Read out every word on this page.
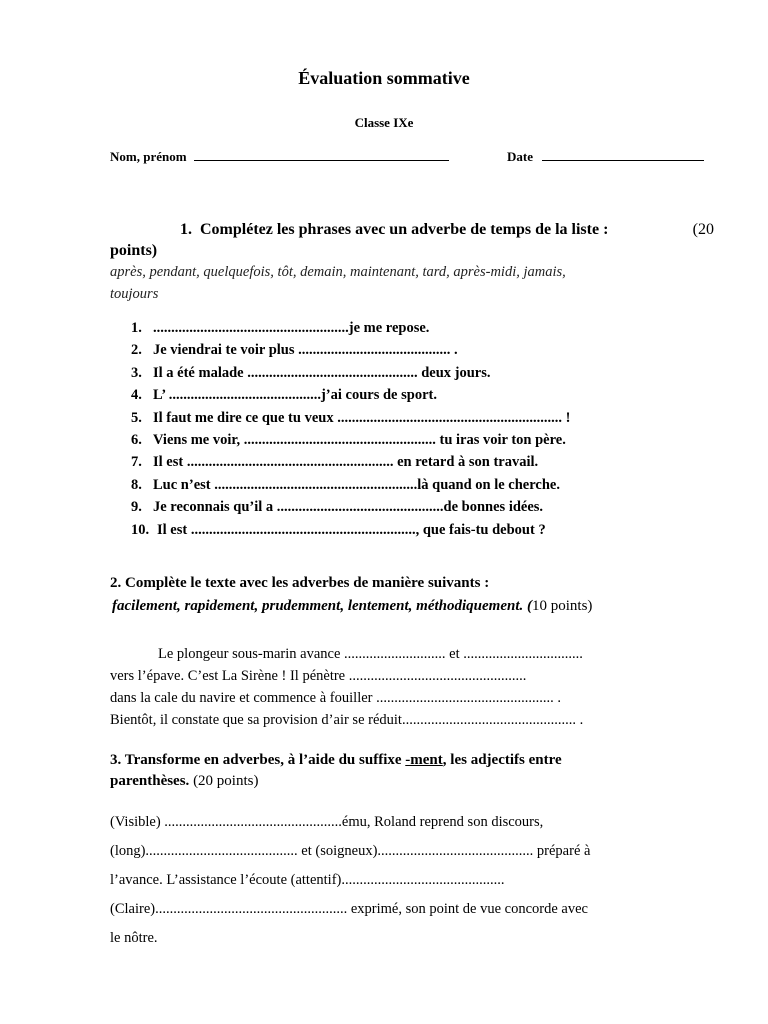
Évaluation sommative
Classe IXe
Nom, prénom	Date
1. Complétez les phrases avec un adverbe de temps de la liste :	(20
points)
après, pendant, quelquefois, tôt, demain, maintenant, tard, après-midi, jamais,
toujours
1. ......................................................je me repose.
2. Je viendrai te voir plus .......................................... .
3. Il a été malade ............................................... deux jours.
4. L’ ..........................................j’ai cours de sport.
5. Il faut me dire ce que tu veux .............................................................. !
6. Viens me voir, ..................................................... tu iras voir ton père.
7. Il est ......................................................... en retard à son travail.
8. Luc n’est ........................................................là quand on le cherche.
9. Je reconnais qu’il a ..............................................de bonnes idées.
10. Il est .............................................................., que fais-tu debout ?
2. Complète le texte avec les adverbes de manière suivants :
facilement, rapidement, prudemment, lentement, méthodiquement. (10 points)
Le plongeur sous-marin avance ............................ et .................................
vers l’épave. C’est La Sirène ! Il pénètre .................................................
dans la cale du navire et commence à fouiller ................................................. .
Bientôt, il constate que sa provision d’air se réduit................................................ .
3. Transforme en adverbes, à l’aide du suffixe -ment, les adjectifs entre
parenthèses. (20 points)
(Visible) .................................................ému, Roland reprend son discours,
(long).......................................... et (soigneux)........................................... préparé à
l’avance. L’assistance l’écoute (attentif).............................................
(Claire)..................................................... exprimé, son point de vue concorde avec
le nôtre.
